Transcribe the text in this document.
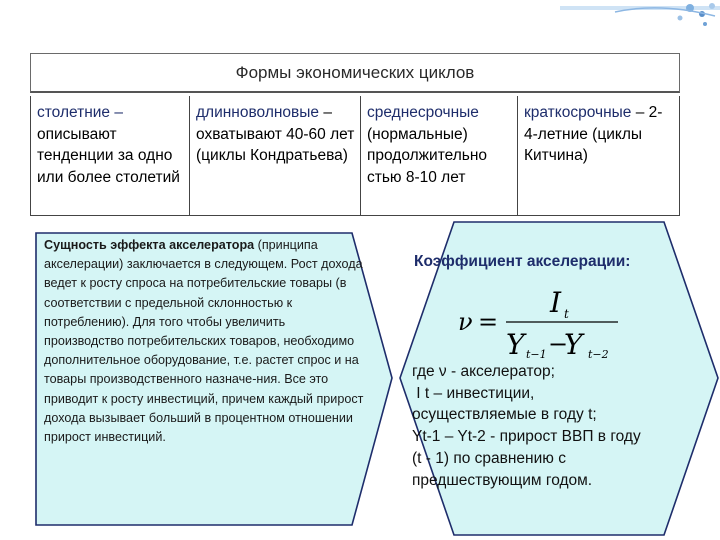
Формы экономических циклов
столетние – описывают тенденции за одно или более столетий
длинноволновые – охватывают 40-60 лет (циклы Кондратьева)
среднесрочные (нормальные) продолжительно стью 8-10 лет
краткосрочные – 2-4-летние (циклы Китчина)
Сущность эффекта акселератора (принципа акселерации) заключается в следующем. Рост дохода ведет к росту спроса на потребительские товары (в соответствии с предельной склонностью к потреблению). Для того чтобы увеличить производство потребительских товаров, необходимо дополнительное оборудование, т.е. растет спрос и на товары производственного назначе-ния. Все это приводит к росту инвестиций, причем каждый прирост дохода вызывает больший в процентном отношении прирост инвестиций.
Коэффициент акселерации:
ν =
I t
Y t−1 −
Y t−2
где ν - акселератор;
I t – инвестиции,
осуществляемые в году t;
Yt-1 – Yt-2 - прирост ВВП в году
(t - 1) по сравнению с
предшествующим годом.
